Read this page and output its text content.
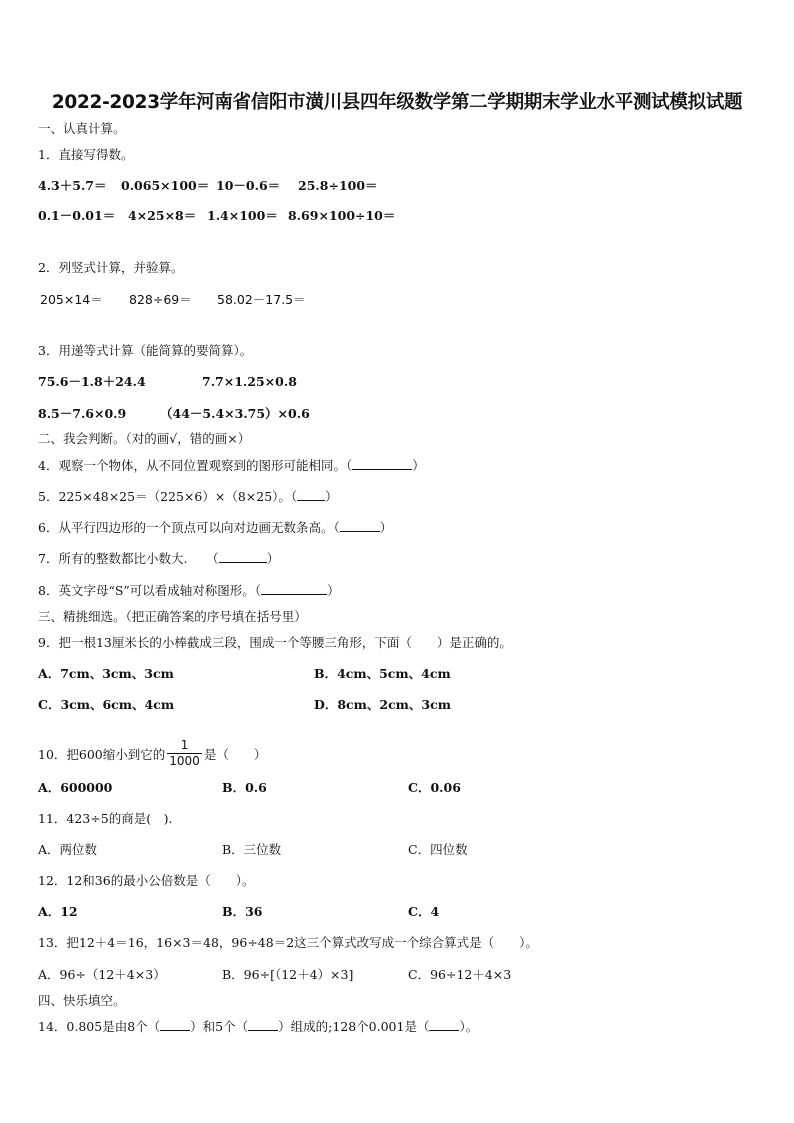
2022-2023学年河南省信阳市潢川县四年级数学第二学期期末学业水平测试模拟试题
一、认真计算。
1．直接写得数。
4.3＋5.7＝ 0.065×100＝ 10－0.6＝ 25.8÷100＝
0.1－0.01＝ 4×25×8＝ 1.4×100＝ 8.69×100÷10＝
2．列竖式计算，并验算。
205×14＝ 828÷69＝ 58.02－17.5＝
3．用递等式计算（能简算的要简算）。
75.6－1.8＋24.4	7.7×1.25×0.8
8.5－7.6×0.9	（44－5.4×3.75）×0.6
二、我会判断。（对的画√，错的画×）
4．观察一个物体，从不同位置观察到的图形可能相同。（	）
5．225×48×25＝（225×6）×（8×25）。（ ）
6．从平行四边形的一个顶点可以向对边画无数条高。（	）
7．所有的整数都比小数大.　　（	）
8．英文字母“S”可以看成轴对称图形。（	）
三、精挑细选。（把正确答案的序号填在括号里）
9．把一根13厘米长的小棒截成三段，围成一个等腰三角形，下面（　　）是正确的。
A．7cm、3cm、3cm	B．4cm、5cm、4cm
C．3cm、6cm、4cm	D．8cm、2cm、3cm
10．把600缩小到它的 $\frac{1}{1000}$ 是（　　）
A．600000	B．0.6	C．0.06
11．423÷5的商是(　).
A．两位数	B．三位数	C．四位数
12．12和36的最小公倍数是（　　）。
A．12	B．36	C．4
13．把12＋4＝16，16×3＝48，96÷48＝2这三个算式改写成一个综合算式是（　　）。
A．96÷（12＋4×3）	B．96÷[（12＋4）×3]	C．96÷12＋4×3
四、快乐填空。
14．0.805是由8个（ ）和5个（ ）组成的;128个0.001是（ ）。
